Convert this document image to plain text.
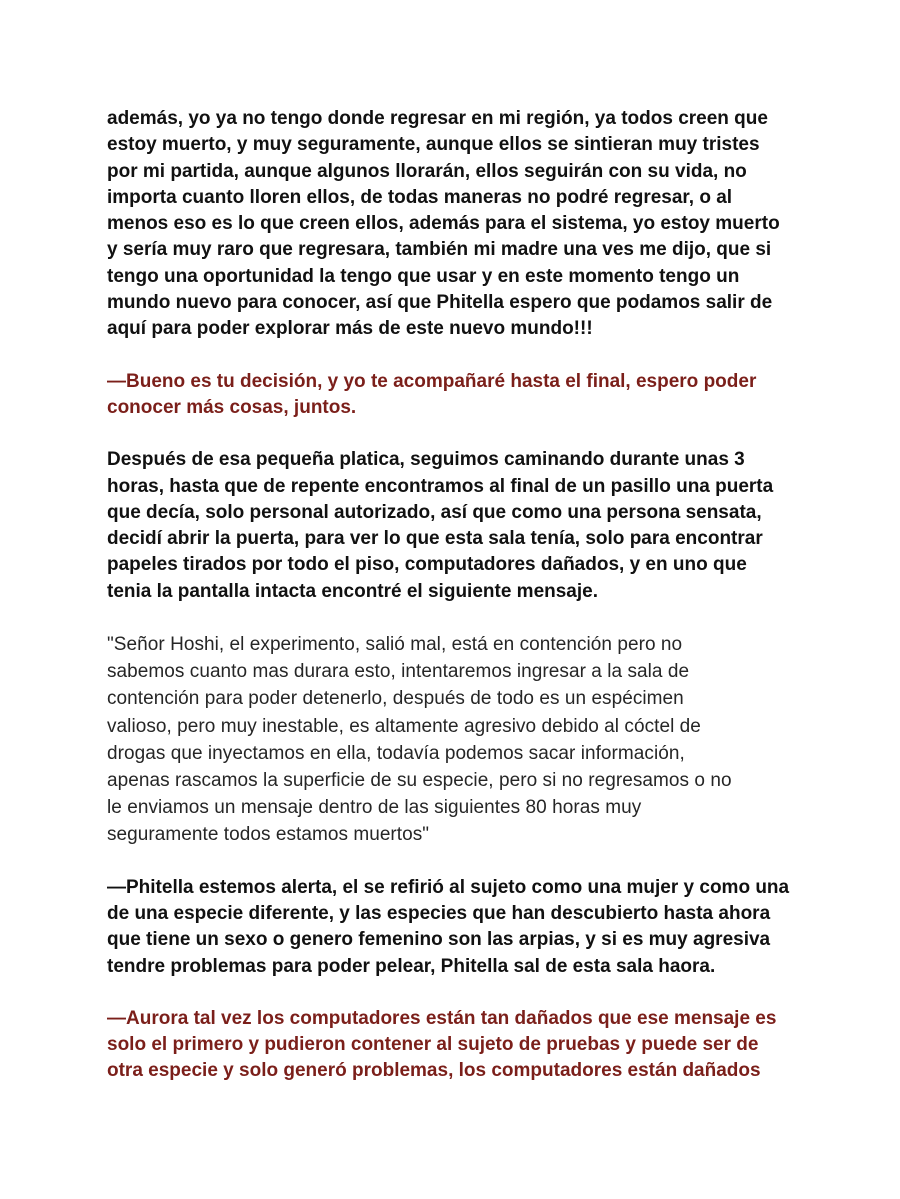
además, yo ya no tengo donde regresar en mi región, ya todos creen que
estoy muerto, y muy seguramente, aunque ellos se sintieran muy tristes
por mi partida, aunque algunos llorarán, ellos seguirán con su vida, no
importa cuanto lloren ellos, de todas maneras no podré regresar, o al
menos eso es lo que creen ellos, además para el sistema, yo estoy muerto
y sería muy raro que regresara, también mi madre una ves me dijo, que si
tengo una oportunidad la tengo que usar y en este momento tengo un
mundo nuevo para conocer, así que Phitella espero que podamos salir de
aquí para poder explorar más de este nuevo mundo!!!

—Bueno es tu decisión, y yo te acompañaré hasta el final, espero poder
conocer más cosas, juntos.

Después de esa pequeña platica, seguimos caminando durante unas 3
horas, hasta que de repente encontramos al final de un pasillo una puerta
que decía, solo personal autorizado, así que como una persona sensata,
decidí abrir la puerta, para ver lo que esta sala tenía, solo para encontrar
papeles tirados por todo el piso, computadores dañados, y en uno que
tenia la pantalla intacta encontré el siguiente mensaje.

"Señor Hoshi, el experimento, salió mal, está en contención pero no
sabemos cuanto mas durara esto, intentaremos ingresar a la sala de
contención para poder detenerlo, después de todo es un espécimen
valioso, pero muy inestable, es altamente agresivo debido al cóctel de
drogas que inyectamos en ella, todavía podemos sacar información,
apenas rascamos la superficie de su especie, pero si no regresamos o no
le enviamos un mensaje dentro de las siguientes 80 horas muy
seguramente todos estamos muertos"

—Phitella estemos alerta, el se refirió al sujeto como una mujer y como una
de una especie diferente, y las especies que han descubierto hasta ahora
que tiene un sexo o genero femenino son las arpias, y si es muy agresiva
tendre problemas para poder pelear, Phitella sal de esta sala haora.

—Aurora tal vez los computadores están tan dañados que ese mensaje es
solo el primero y pudieron contener al sujeto de pruebas y puede ser de
otra especie y solo generó problemas, los computadores están dañados
